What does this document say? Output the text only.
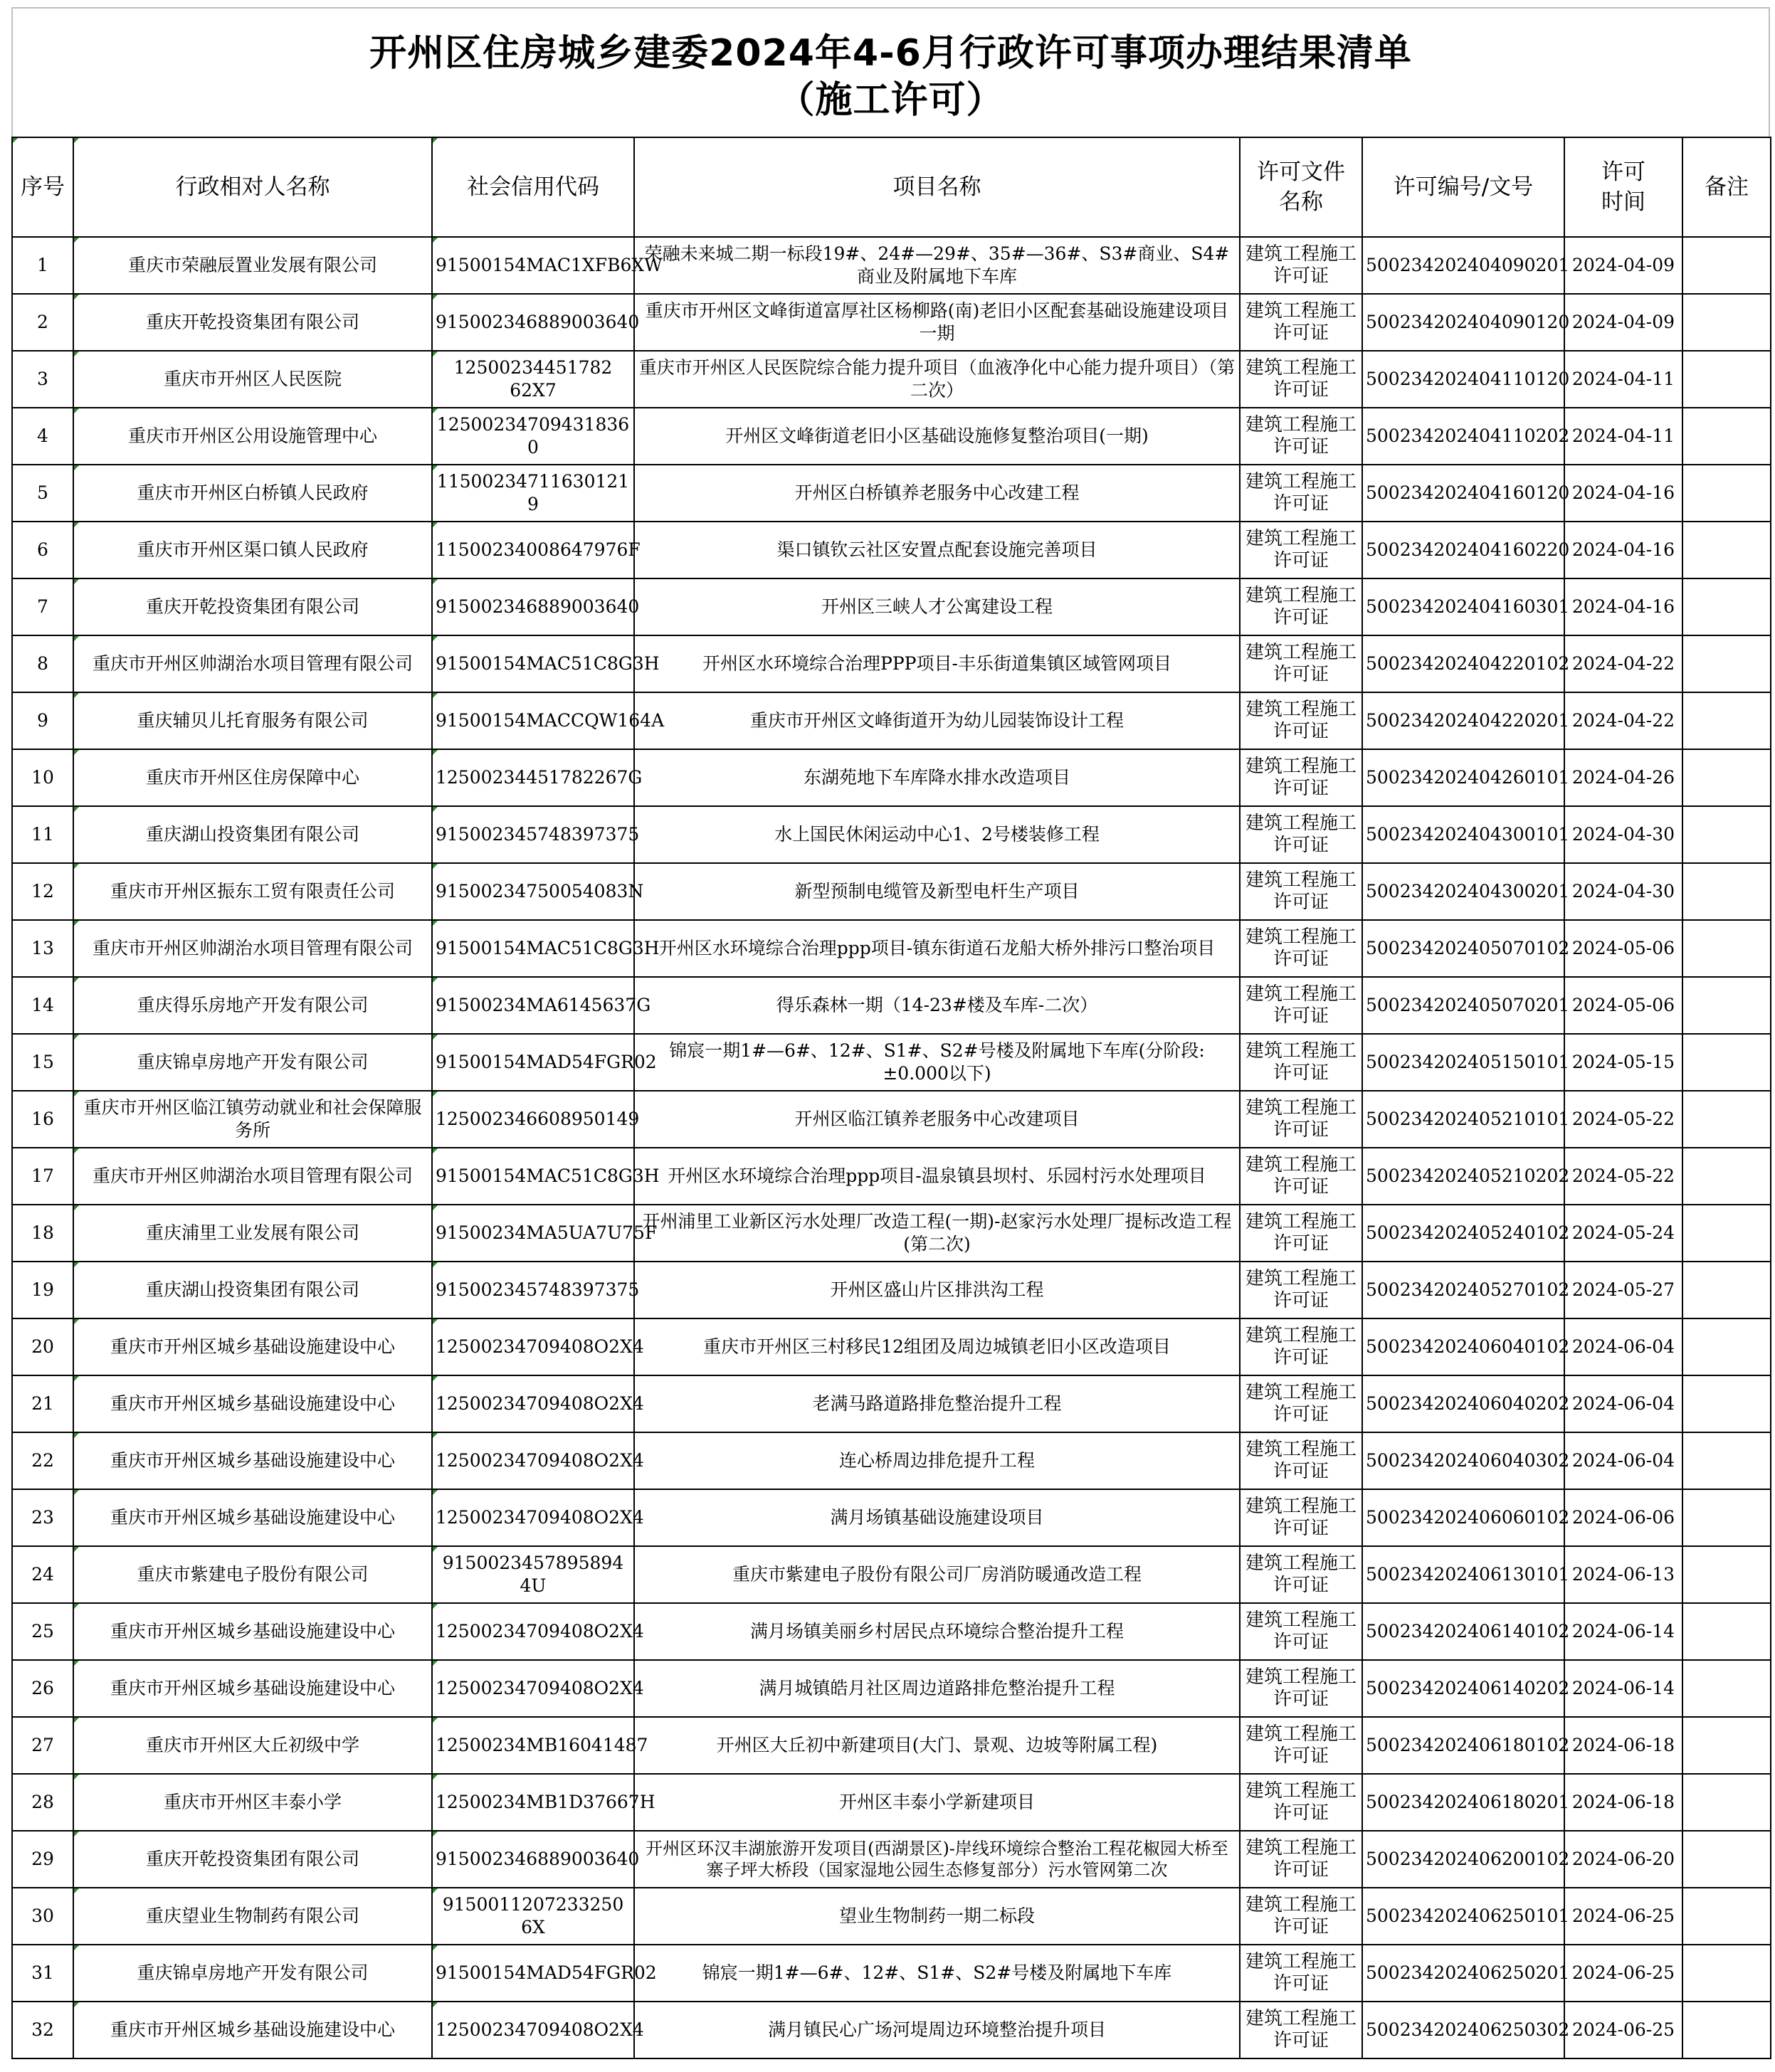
开州区住房城乡建委2024年4-6月行政许可事项办理结果清单
（施工许可）
序号	行政相对人名称	社会信用代码	项目名称	许可文件名称	许可编号/文号	许可时间	备注
1	重庆市荣融辰置业发展有限公司	91500154MAC1XFB6XW	荣融未来城二期一标段19#、24#—29#、35#—36#、S3#商业、S4#商业及附属地下车库	建筑工程施工许可证	500234202404090201	2024-04-09	
2	重庆开乾投资集团有限公司	915002346889003640	重庆市开州区文峰街道富厚社区杨柳路(南)老旧小区配套基础设施建设项目一期	建筑工程施工许可证	500234202404090120	2024-04-09	
3	重庆市开州区人民医院	12500234451782​62X7	重庆市开州区人民医院综合能力提升项目（血液净化中心能力提升项目）（第二次）	建筑工程施工许可证	500234202404110120	2024-04-11	
4	重庆市开州区公用设施管理中心	12500234709431836​0	开州区文峰街道老旧小区基础设施修复整治项目(一期)	建筑工程施工许可证	500234202404110202	2024-04-11	
5	重庆市开州区白桥镇人民政府	11500234711630121​9	开州区白桥镇养老服务中心改建工程	建筑工程施工许可证	500234202404160120	2024-04-16	
6	重庆市开州区渠口镇人民政府	11500234008647976F	渠口镇钦云社区安置点配套设施完善项目	建筑工程施工许可证	500234202404160220	2024-04-16	
7	重庆开乾投资集团有限公司	915002346889003640	开州区三峡人才公寓建设工程	建筑工程施工许可证	500234202404160301	2024-04-16	
8	重庆市开州区帅湖治水项目管理有限公司	91500154MAC51C8G3H	开州区水环境综合治理PPP项目-丰乐街道集镇区域管网项目	建筑工程施工许可证	500234202404220102	2024-04-22	
9	重庆辅贝儿托育服务有限公司	91500154MACCQW164A	重庆市开州区文峰街道开为幼儿园装饰设计工程	建筑工程施工许可证	500234202404220201	2024-04-22	
10	重庆市开州区住房保障中心	12500234451782267G	东湖苑地下车库降水排水改造项目	建筑工程施工许可证	500234202404260101	2024-04-26	
11	重庆湖山投资集团有限公司	915002345748397375	水上国民休闲运动中心1、2号楼装修工程	建筑工程施工许可证	500234202404300101	2024-04-30	
12	重庆市开州区振东工贸有限责任公司	91500234750054083N	新型预制电缆管及新型电杆生产项目	建筑工程施工许可证	500234202404300201	2024-04-30	
13	重庆市开州区帅湖治水项目管理有限公司	91500154MAC51C8G3H	开州区水环境综合治理ppp项目-镇东街道石龙船大桥外排污口整治项目	建筑工程施工许可证	500234202405070102	2024-05-06	
14	重庆得乐房地产开发有限公司	91500234MA6145637G	得乐森林一期（14-23#楼及车库-二次）	建筑工程施工许可证	500234202405070201	2024-05-06	
15	重庆锦卓房地产开发有限公司	91500154MAD54FGR02	锦宸一期1#—6#、12#、S1#、S2#号楼及附属地下车库(分阶段:±0.000以下)	建筑工程施工许可证	500234202405150101	2024-05-15	
16	重庆市开州区临江镇劳动就业和社会保障服务所	125002346608950149	开州区临江镇养老服务中心改建项目	建筑工程施工许可证	500234202405210101	2024-05-22	
17	重庆市开州区帅湖治水项目管理有限公司	91500154MAC51C8G3H	开州区水环境综合治理ppp项目-温泉镇县坝村、乐园村污水处理项目	建筑工程施工许可证	500234202405210202	2024-05-22	
18	重庆浦里工业发展有限公司	91500234MA5UA7U75F	开州浦里工业新区污水处理厂改造工程(一期)-赵家污水处理厂提标改造工程(第二次)	建筑工程施工许可证	500234202405240102	2024-05-24	
19	重庆湖山投资集团有限公司	915002345748397375	开州区盛山片区排洪沟工程	建筑工程施工许可证	500234202405270102	2024-05-27	
20	重庆市开州区城乡基础设施建设中心	12500234709408O2X4	重庆市开州区三村移民12组团及周边城镇老旧小区改造项目	建筑工程施工许可证	500234202406040102	2024-06-04	
21	重庆市开州区城乡基础设施建设中心	12500234709408O2X4	老满马路道路排危整治提升工程	建筑工程施工许可证	500234202406040202	2024-06-04	
22	重庆市开州区城乡基础设施建设中心	12500234709408O2X4	连心桥周边排危提升工程	建筑工程施工许可证	500234202406040302	2024-06-04	
23	重庆市开州区城乡基础设施建设中心	12500234709408O2X4	满月场镇基础设施建设项目	建筑工程施工许可证	500234202406060102	2024-06-06	
24	重庆市紫建电子股份有限公司	9150023457895894​4U	重庆市紫建电子股份有限公司厂房消防暖通改造工程	建筑工程施工许可证	500234202406130101	2024-06-13	
25	重庆市开州区城乡基础设施建设中心	12500234709408O2X4	满月场镇美丽乡村居民点环境综合整治提升工程	建筑工程施工许可证	500234202406140102	2024-06-14	
26	重庆市开州区城乡基础设施建设中心	12500234709408O2X4	满月城镇皓月社区周边道路排危整治提升工程	建筑工程施工许可证	500234202406140202	2024-06-14	
27	重庆市开州区大丘初级中学	12500234MB16041487	开州区大丘初中新建项目(大门、景观、边坡等附属工程)	建筑工程施工许可证	500234202406180102	2024-06-18	
28	重庆市开州区丰泰小学	12500234MB1D37667H	开州区丰泰小学新建项目	建筑工程施工许可证	500234202406180201	2024-06-18	
29	重庆开乾投资集团有限公司	915002346889003640	开州区环汉丰湖旅游开发项目(西湖景区)-岸线环境综合整治工程花椒园大桥至寨子坪大桥段（国家湿地公园生态修复部分）污水管网第二次	建筑工程施工许可证	500234202406200102	2024-06-20	
30	重庆望业生物制药有限公司	9150011207233250​6X	望业生物制药一期二标段	建筑工程施工许可证	500234202406250101	2024-06-25	
31	重庆锦卓房地产开发有限公司	91500154MAD54FGR02	锦宸一期1#—6#、12#、S1#、S2#号楼及附属地下车库	建筑工程施工许可证	500234202406250201	2024-06-25	
32	重庆市开州区城乡基础设施建设中心	12500234709408O2X4	满月镇民心广场河堤周边环境整治提升项目	建筑工程施工许可证	500234202406250302	2024-06-25	
